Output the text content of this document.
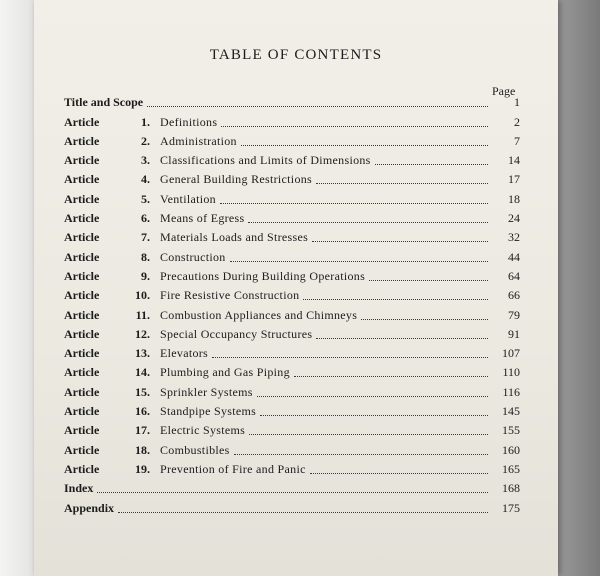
TABLE OF CONTENTS
Page
Title and Scope	1
Article	1. Definitions	2
Article	2. Administration	7
Article	3. Classifications and Limits of Dimensions	14
Article	4. General Building Restrictions	17
Article	5. Ventilation	18
Article	6. Means of Egress	24
Article	7. Materials Loads and Stresses	32
Article	8. Construction	44
Article	9. Precautions During Building Operations	64
Article	10. Fire Resistive Construction	66
Article	11. Combustion Appliances and Chimneys	79
Article	12. Special Occupancy Structures	91
Article	13. Elevators	107
Article	14. Plumbing and Gas Piping	110
Article	15. Sprinkler Systems	116
Article	16. Standpipe Systems	145
Article	17. Electric Systems	155
Article	18. Combustibles	160
Article	19. Prevention of Fire and Panic	165
Index	168
Appendix	175
